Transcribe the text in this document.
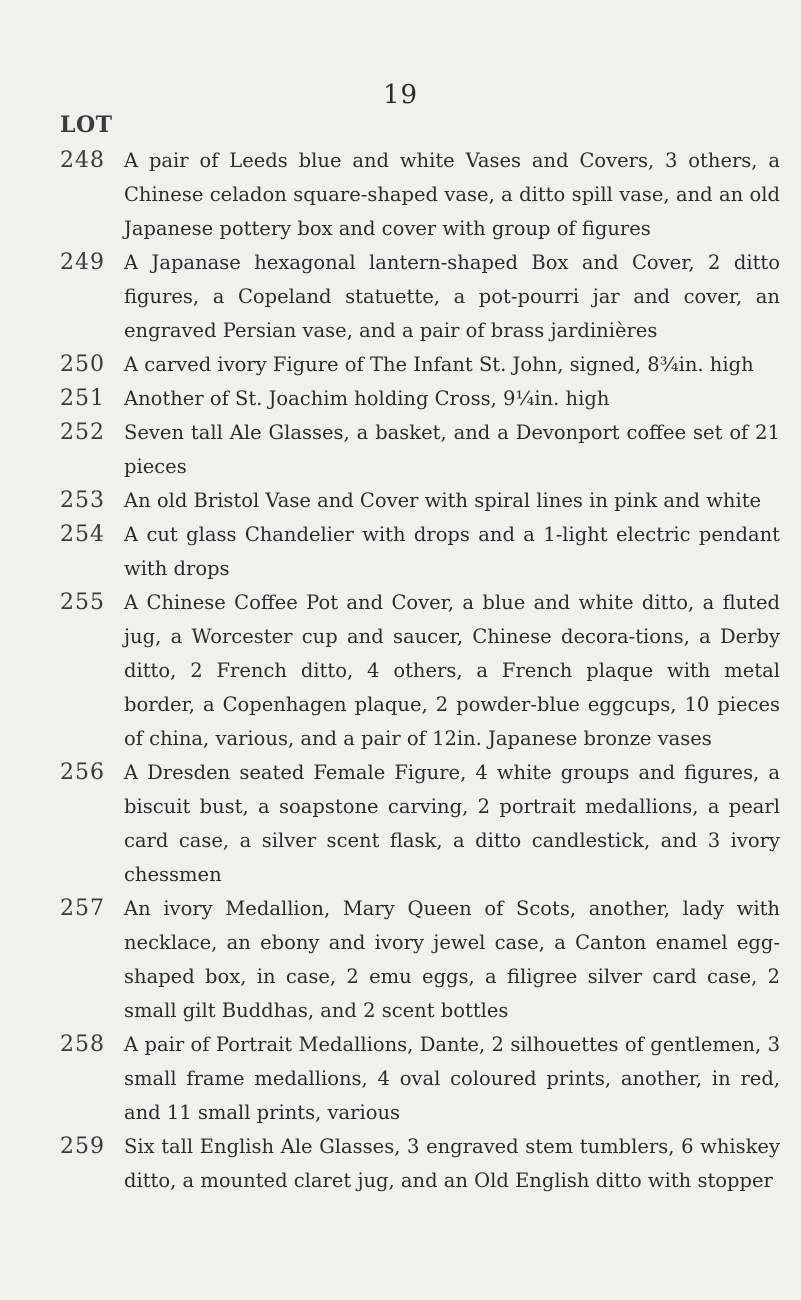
19
LOT
248 A pair of Leeds blue and white Vases and Covers, 3 others, a Chinese celadon square-shaped vase, a ditto spill vase, and an old Japanese pottery box and cover with group of figures
249 A Japanase hexagonal lantern-shaped Box and Cover, 2 ditto figures, a Copeland statuette, a pot-pourri jar and cover, an engraved Persian vase, and a pair of brass jardinières
250 A carved ivory Figure of The Infant St. John, signed, 8¾in. high
251 Another of St. Joachim holding Cross, 9¼in. high
252 Seven tall Ale Glasses, a basket, and a Devonport coffee set of 21 pieces
253 An old Bristol Vase and Cover with spiral lines in pink and white
254 A cut glass Chandelier with drops and a 1-light electric pendant with drops
255 A Chinese Coffee Pot and Cover, a blue and white ditto, a fluted jug, a Worcester cup and saucer, Chinese decora-tions, a Derby ditto, 2 French ditto, 4 others, a French plaque with metal border, a Copenhagen plaque, 2 powder-blue eggcups, 10 pieces of china, various, and a pair of 12in. Japanese bronze vases
256 A Dresden seated Female Figure, 4 white groups and figures, a biscuit bust, a soapstone carving, 2 portrait medallions, a pearl card case, a silver scent flask, a ditto candlestick, and 3 ivory chessmen
257 An ivory Medallion, Mary Queen of Scots, another, lady with necklace, an ebony and ivory jewel case, a Canton enamel egg-shaped box, in case, 2 emu eggs, a filigree silver card case, 2 small gilt Buddhas, and 2 scent bottles
258 A pair of Portrait Medallions, Dante, 2 silhouettes of gentlemen, 3 small frame medallions, 4 oval coloured prints, another, in red, and 11 small prints, various
259 Six tall English Ale Glasses, 3 engraved stem tumblers, 6 whiskey ditto, a mounted claret jug, and an Old English ditto with stopper
